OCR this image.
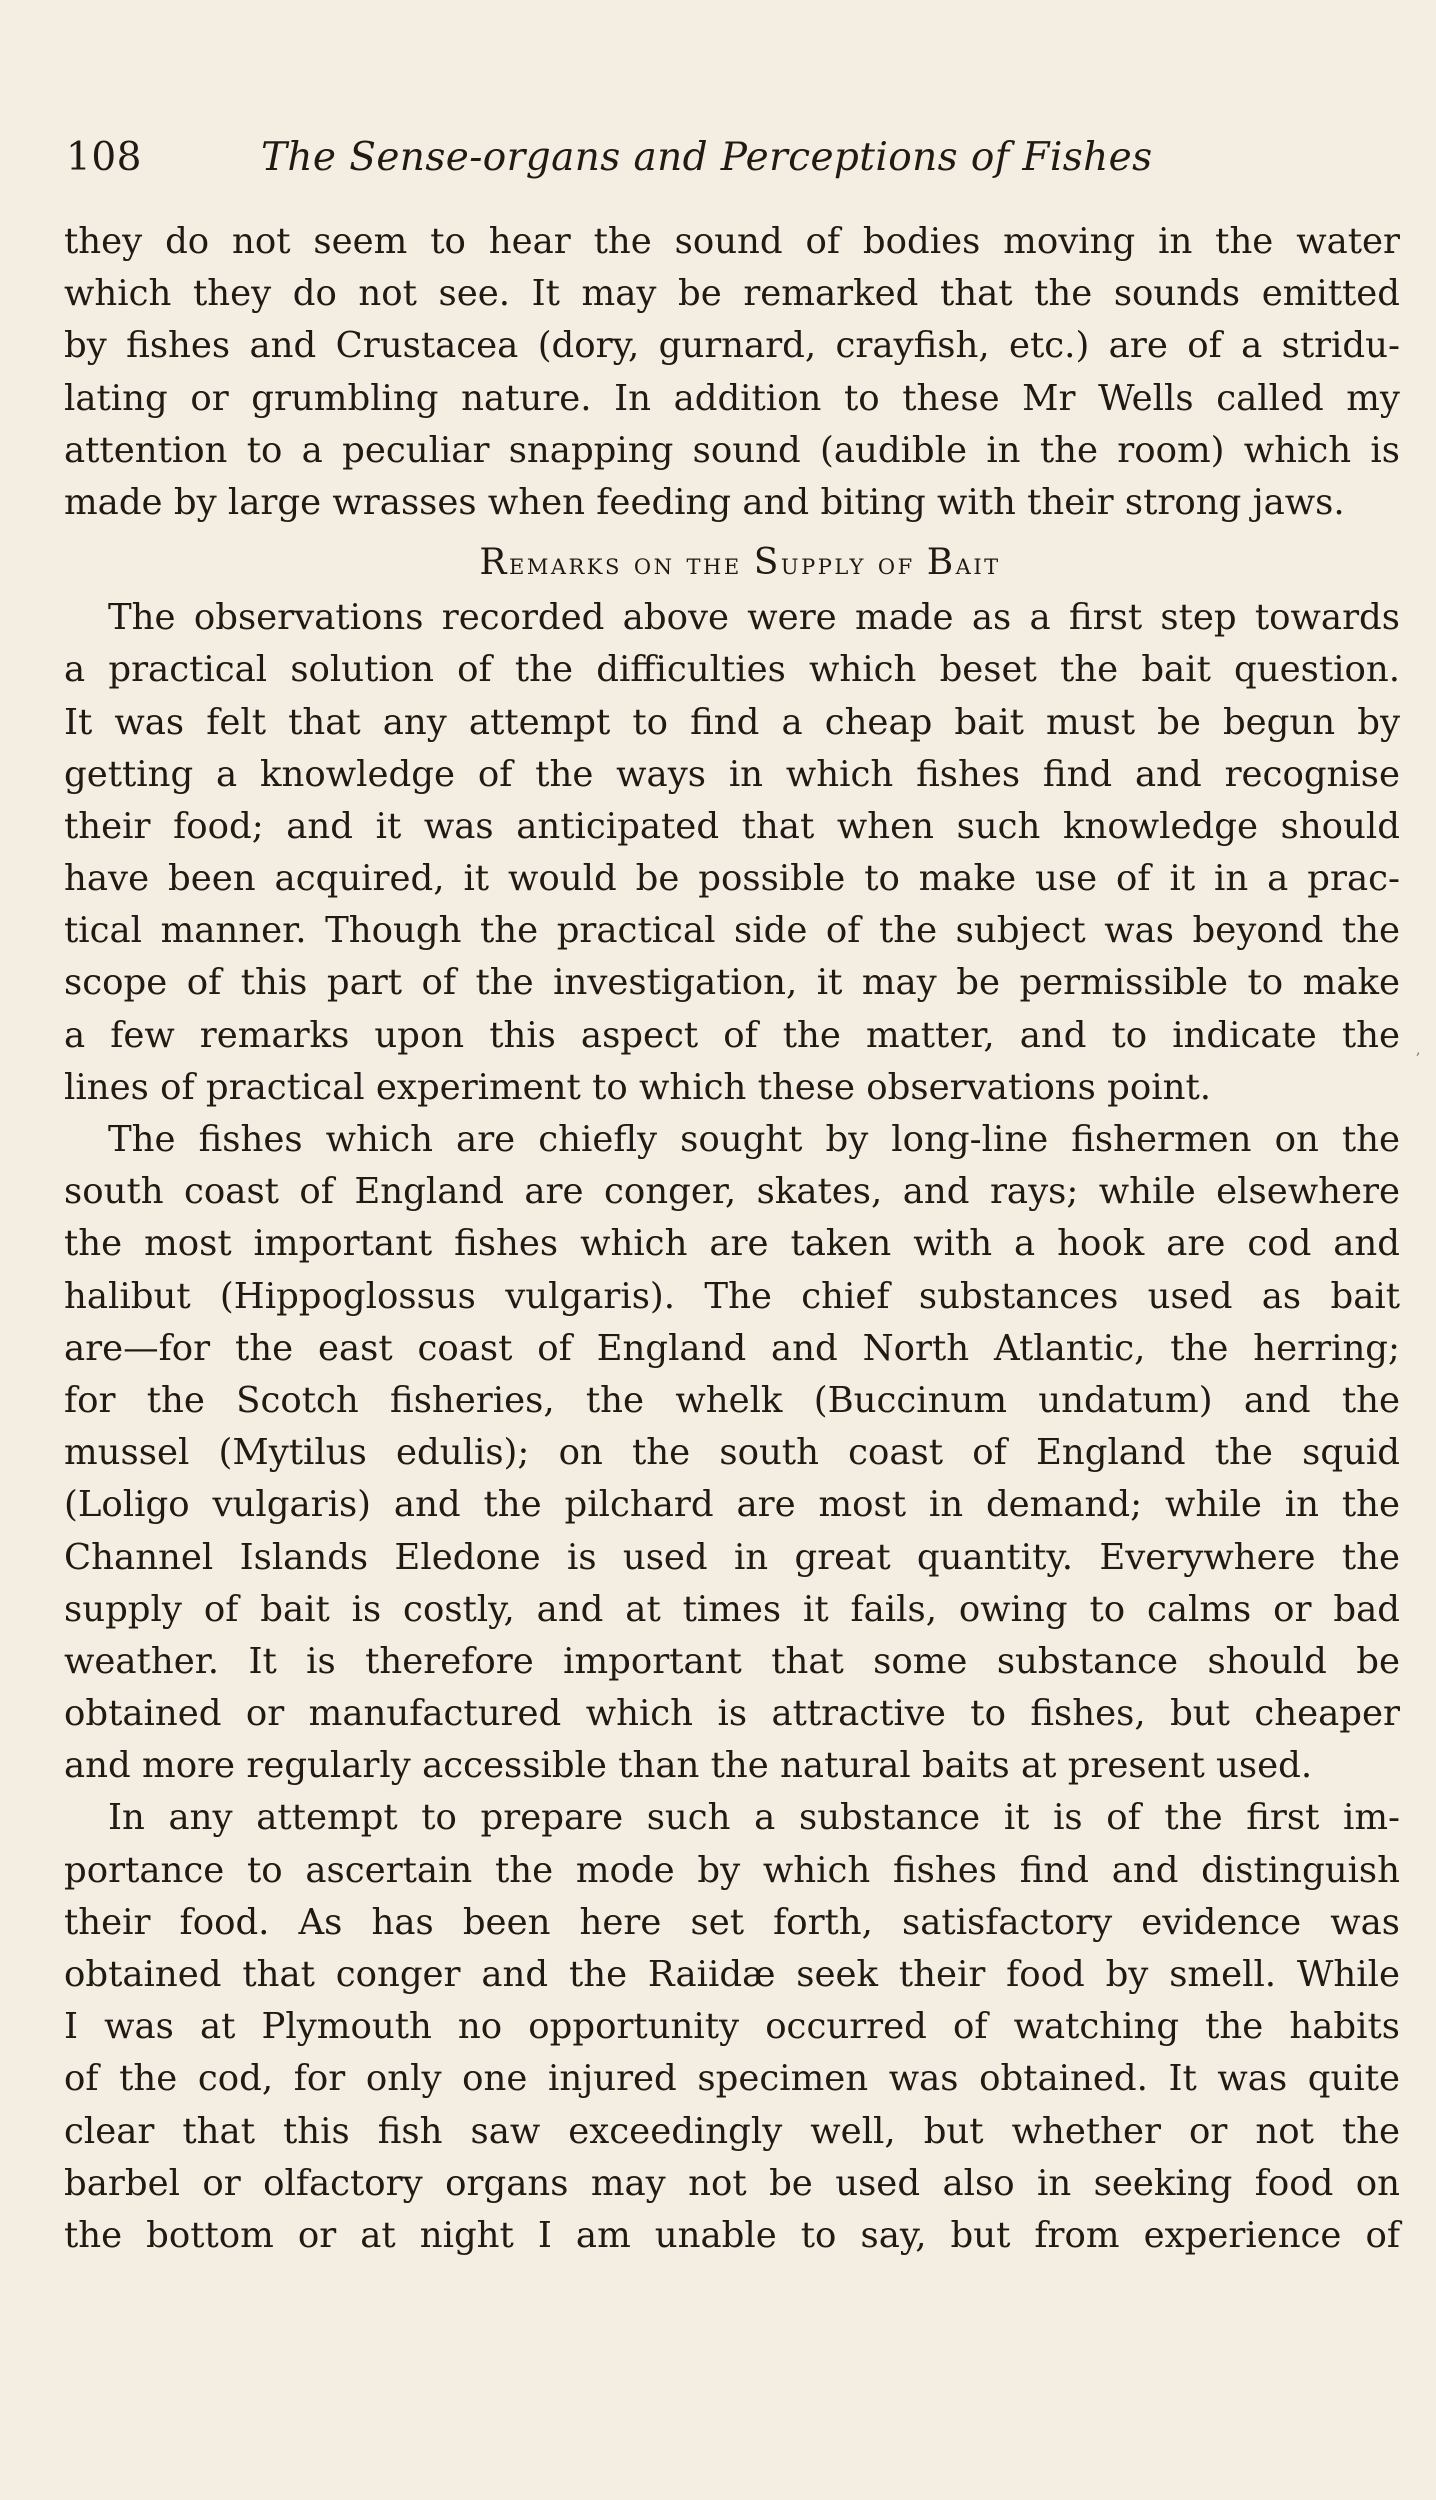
108	The Sense-organs and Perceptions of Fishes
they do not seem to hear the sound of bodies moving in the water
which they do not see. It may be remarked that the sounds emitted
by fishes and Crustacea (dory, gurnard, crayfish, etc.) are of a stridu-
lating or grumbling nature. In addition to these Mr Wells called my
attention to a peculiar snapping sound (audible in the room) which is
made by large wrasses when feeding and biting with their strong jaws.
Remarks on the Supply of Bait
The observations recorded above were made as a first step towards
a practical solution of the difficulties which beset the bait question.
It was felt that any attempt to find a cheap bait must be begun by
getting a knowledge of the ways in which fishes find and recognise
their food; and it was anticipated that when such knowledge should
have been acquired, it would be possible to make use of it in a prac-
tical manner. Though the practical side of the subject was beyond the
scope of this part of the investigation, it may be permissible to make
a few remarks upon this aspect of the matter, and to indicate the
lines of practical experiment to which these observations point.
The fishes which are chiefly sought by long-line fishermen on the
south coast of England are conger, skates, and rays; while elsewhere
the most important fishes which are taken with a hook are cod and
halibut (Hippoglossus vulgaris). The chief substances used as bait
are—for the east coast of England and North Atlantic, the herring;
for the Scotch fisheries, the whelk (Buccinum undatum) and the
mussel (Mytilus edulis); on the south coast of England the squid
(Loligo vulgaris) and the pilchard are most in demand; while in the
Channel Islands Eledone is used in great quantity. Everywhere the
supply of bait is costly, and at times it fails, owing to calms or bad
weather. It is therefore important that some substance should be
obtained or manufactured which is attractive to fishes, but cheaper
and more regularly accessible than the natural baits at present used.
In any attempt to prepare such a substance it is of the first im-
portance to ascertain the mode by which fishes find and distinguish
their food. As has been here set forth, satisfactory evidence was
obtained that conger and the Raiidæ seek their food by smell. While
I was at Plymouth no opportunity occurred of watching the habits
of the cod, for only one injured specimen was obtained. It was quite
clear that this fish saw exceedingly well, but whether or not the
barbel or olfactory organs may not be used also in seeking food on
the bottom or at night I am unable to say, but from experience of
,
